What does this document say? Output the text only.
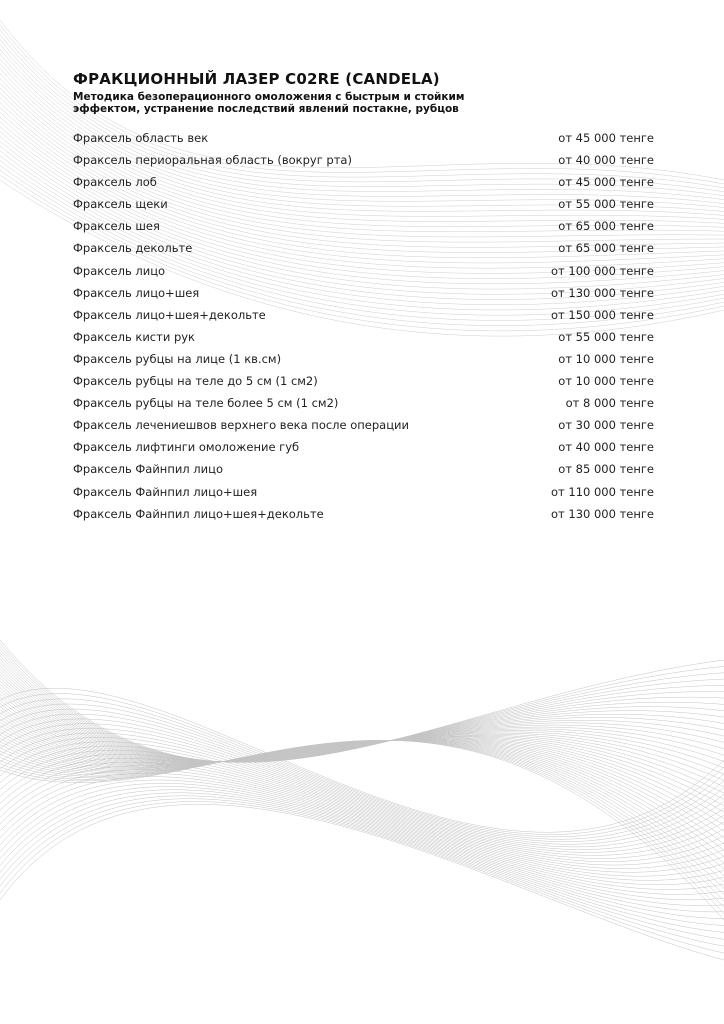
ФРАКЦИОННЫЙ ЛАЗЕР С02RE (CANDELA)

Методика безоперационного омоложения с быстрым и стойким эффектом, устранение последствий явлений постакне, рубцов

Фраксель область век	от 45 000 тенге
Фраксель периоральная область (вокруг рта)	от 40 000 тенге
Фраксель лоб	от 45 000 тенге
Фраксель щеки	от 55 000 тенге
Фраксель шея	от 65 000 тенге
Фраксель декольте	от 65 000 тенге
Фраксель лицо	от 100 000 тенге
Фраксель лицо+шея	от 130 000 тенге
Фраксель лицо+шея+декольте	от 150 000 тенге
Фраксель кисти рук	от 55 000 тенге
Фраксель рубцы на лице (1 кв.см)	от 10 000 тенге
Фраксель рубцы на теле до 5 см (1 см2)	от 10 000 тенге
Фраксель рубцы на теле более 5 см (1 см2)	от 8 000 тенге
Фраксель лечениешвов верхнего века после операции	от 30 000 тенге
Фраксель лифтинги омоложение губ	от 40 000 тенге
Фраксель Файнпил лицо	от 85 000 тенге
Фраксель Файнпил лицо+шея	от 110 000 тенге
Фраксель Файнпил лицо+шея+декольте	от 130 000 тенге
